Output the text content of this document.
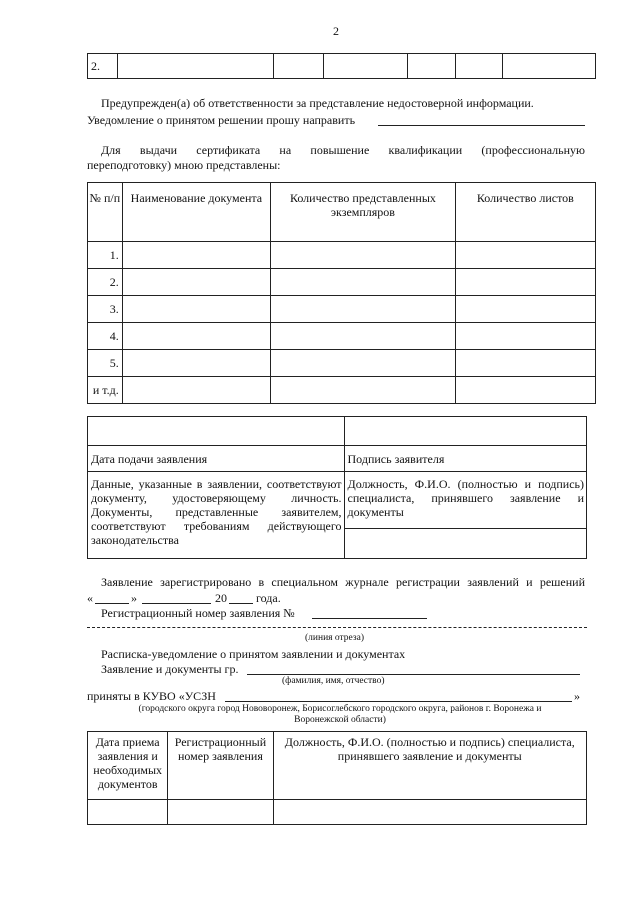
2
2.						
Предупрежден(а) об ответственности за представление недостоверной информации.
Уведомление о принятом решении прошу направить
Для выдачи сертификата на повышение квалификации (профессиональную
переподготовку) мною представлены:
№ п/п	Наименование документа	Количество представленных экземпляров	Количество листов
1.			
2.			
3.			
4.			
5.			
и т.д.			

Дата подачи заявления	Подпись заявителя
Данные, указанные в заявлении, соответствуют документу, удостоверяющему личность. Документы, представленные заявителем, соответствуют требованиям действующего законодательства	Должность, Ф.И.О. (полностью и подпись) специалиста, принявшего заявление и документы

Заявление зарегистрировано в специальном журнале регистрации заявлений и решений
«	»	20 года.
Регистрационный номер заявления №
(линия отреза)
Расписка-уведомление о принятом заявлении и документах
Заявление и документы гр.
(фамилия, имя, отчество)
приняты в КУВО «УСЗН	»
(городского округа город Нововоронеж, Борисоглебского городского округа, районов г. Воронежа и
Воронежской области)
Дата приема заявления и необходимых документов	Регистрационный номер заявления	Должность, Ф.И.О. (полностью и подпись) специалиста, принявшего заявление и документы
